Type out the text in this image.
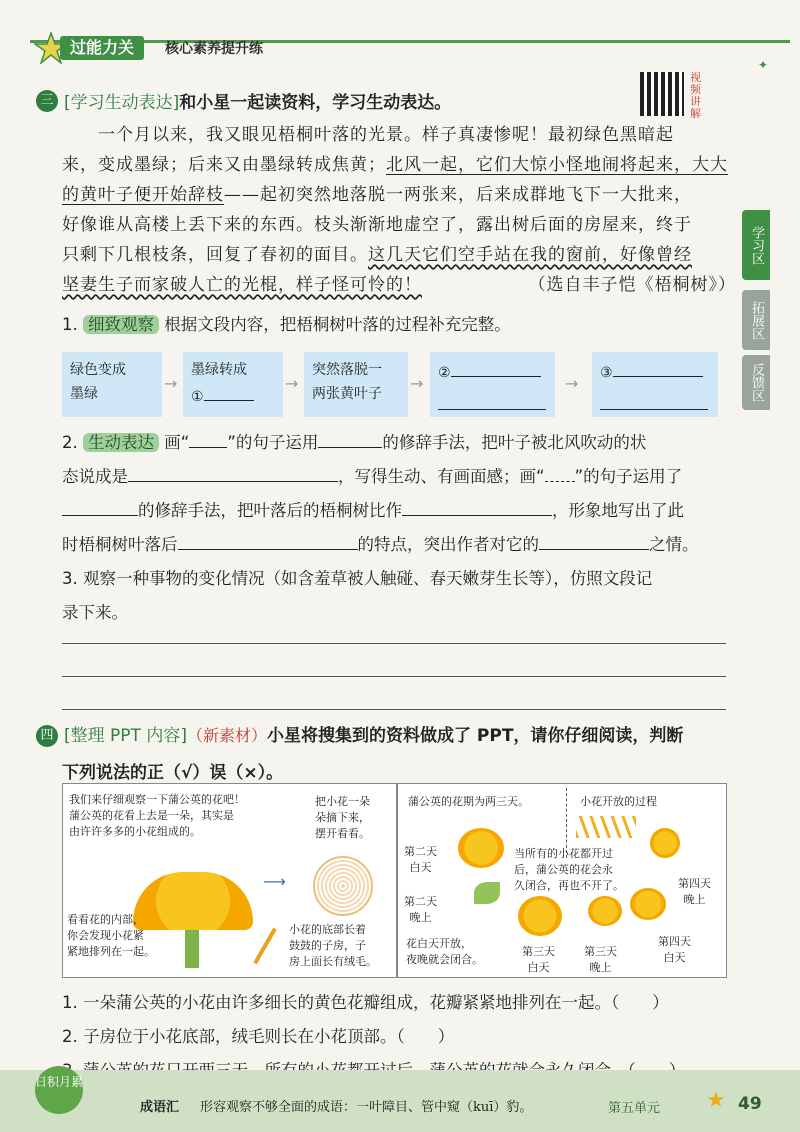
过能力关	核心素养提升练
✦
学习区
拓展区
反馈区
视频讲解
三 [学习生动表达]和小星一起读资料，学习生动表达。
一个月以来，我又眼见梧桐叶落的光景。样子真凄惨呢！最初绿色黑暗起
来，变成墨绿；后来又由墨绿转成焦黄；北风一起，它们大惊小怪地闹将起来，大大
的黄叶子便开始辞枝——起初突然地落脱一两张来，后来成群地飞下一大批来，
好像谁从高楼上丢下来的东西。枝头渐渐地虚空了，露出树后面的房屋来，终于
只剩下几根枝条，回复了春初的面目。这几天它们空手站在我的窗前，好像曾经
坚妻生子而家破人亡的光棍，样子怪可怜的！	（选自丰子恺《梧桐树》）
1. 细致观察 根据文段内容，把梧桐树叶落的过程补充完整。
绿色变成
墨绿
→
墨绿转成
①
→
突然落脱一
两张黄叶子
→
②
→
③
2. 生动表达 画“ ”的句子运用	的修辞手法，把叶子被北风吹动的状
态说成是	，写得生动、有画面感；画“ ”的句子运用了
的修辞手法，把叶落后的梧桐树比作	，形象地写出了此
时梧桐树叶落后	的特点，突出作者对它的	之情。
3. 观察一种事物的变化情况（如含羞草被人触碰、春天嫩芽生长等），仿照文段记
录下来。
四 [整理 PPT 内容]（新素材）小星将搜集到的资料做成了 PPT，请你仔细阅读，判断
下列说法的正（√）误（×）。
我们来仔细观察一下蒲公英的花吧！
蒲公英的花看上去是一朵，其实是
由许许多多的小花组成的。
把小花一朵
朵摘下来，
摆开看看。
⟶
看看花的内部，
你会发现小花紧
紧地排列在一起。
小花的底部长着
鼓鼓的子房，子
房上面长有绒毛。
蒲公英的花期为两三天。	小花开放的过程
第二天
白天
当所有的小花都开过
后，蒲公英的花会永
久闭合，再也不开了。	第四天
晚上
第二天
晚上
花白天开放，
夜晚就会闭合。
第三天
白天
第三天
晚上
第四天
白天
1. 一朵蒲公英的小花由许多细长的黄色花瓣组成，花瓣紧紧地排列在一起。（　　）
2. 子房位于小花底部，绒毛则长在小花顶部。（　　）
日积月累
成语汇 形容观察不够全面的成语：一叶障目、管中窥（kuī）豹。	第五单元 ★ 49
